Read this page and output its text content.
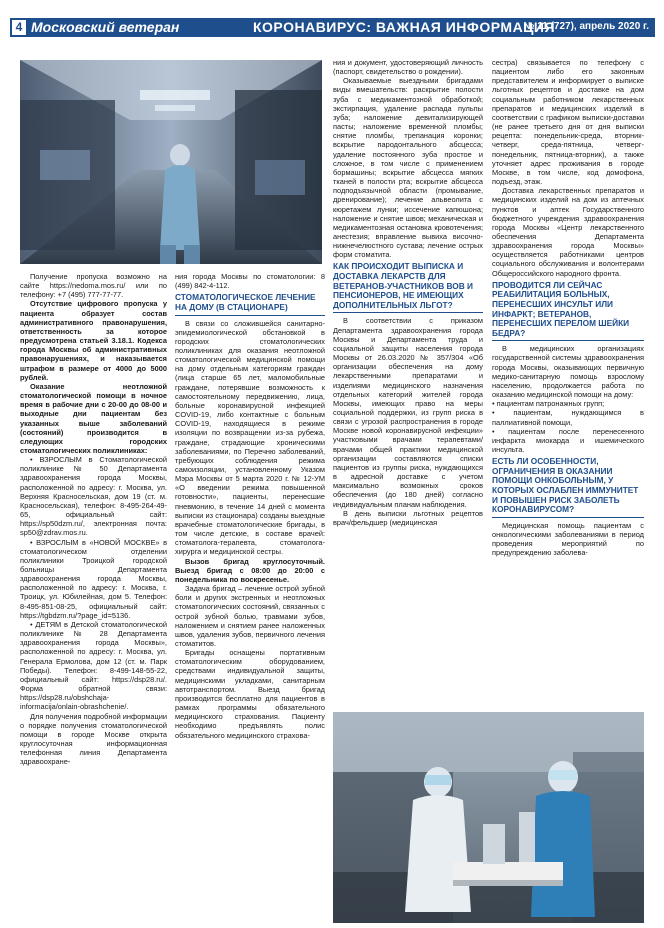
4 Московский ветеран	КОРОНАВИРУС: ВАЖНАЯ ИНФОРМАЦИЯ
№ 11 (727), апрель 2020 г.

Получение пропуска возможно на сайте https://nedoma.mos.ru/ или по телефону: +7 (495) 777-77-77.

Отсутствие цифрового пропуска у пациента образует состав административного правонарушения, ответственность за которое предусмотрена статьей 3.18.1. Кодекса города Москвы об административных правонарушениях, и наказывается штрафом в размере от 4000 до 5000 рублей.

Оказание неотложной стоматологической помощи в ночное время в рабочие дни с 20-00 до 08-00 и выходные дни пациентам без указанных выше заболеваний (состояний) производится в следующих городских стоматологических поликлиниках:

• ВЗРОСЛЫМ в Стоматологической поликлинике № 50 Департамента здравоохранения города Москвы, расположенной по адресу: г. Москва, ул. Верхняя Красносельская, дом 19 (ст. м. Красносельская), телефон: 8-495-264-49-65, официальный сайт: https://sp50dzm.ru/, электронная почта: sp50@zdrav.mos.ru.

• ВЗРОСЛЫМ в «НОВОЙ МОСКВЕ» в стоматологическом отделении поликлиники Троицкой городской больницы Департамента здравоохранения города Москвы, расположенной по адресу: г. Москва, г. Троицк, ул. Юбилейная, дом 5. Телефон: 8-495-851-08-25, официальный сайт: https://tgbdzm.ru/?page_id=5136.

• ДЕТЯМ в Детской стоматологической поликлинике № 28 Департамента здравоохранения города Москвы», расположенной по адресу: г. Москва, ул. Генерала Ермолова, дом 12 (ст. м. Парк Победы). Телефон: 8-499-148-55-22, официальный сайт: https://dsp28.ru/. Форма обратной связи: https://dsp28.ru/obshchaja-informacija/onlain-obrashchenie/.

Для получения подробной информации о порядке получения стоматологической помощи в городе Москве открыта круглосуточная информационная телефонная линия Департамента здравоохране-

ния города Москвы по стоматологии: 8 (499) 842-4-112.

СТОМАТОЛОГИЧЕСКОЕ ЛЕЧЕНИЕ НА ДОМУ (В СТАЦИОНАРЕ)

В связи со сложившейся санитарно-эпидемиологической обстановкой в городских стоматологических поликлиниках для оказания неотложной стоматологической медицинской помощи на дому отдельным категориям граждан (лица старше 65 лет, маломобильные граждане, потерявшие возможность к самостоятельному передвижению, лица, больные коронавирусной инфекцией COVID-19, либо контактные с больным COVID-19, находящиеся в режиме изоляции по возвращении из-за рубежа, граждане, страдающие хроническими заболеваниями, по Перечню заболеваний, требующих соблюдения режима самоизоляции, установленному Указом Мэра Москвы от 5 марта 2020 г. № 12-УМ «О введении режима повышенной готовности», пациенты, перенесшие пневмонию, в течение 14 дней с момента выписки из стационара) созданы выездные врачебные стоматологические бригады, в том числе детские, в составе врачей: стоматолога-терапевта, стоматолога-хирурга и медицинской сестры.

Вызов бригад круглосуточный. Выезд бригад с 08:00 до 20:00 с понедельника по воскресенье.

Задача бригад – лечение острой зубной боли и других экстренных и неотложных стоматологических состояний, связанных с острой зубной болью, травмами зубов, наложением и снятием ранее наложенных швов, удаления зубов, первичного лечения стоматитов.

Бригады оснащены портативным стоматологическим оборудованием, средствами индивидуальной защиты, медицинскими укладками, санитарным автотранспортом. Выезд бригад производится бесплатно для пациентов в рамках программы обязательного медицинского страхования. Пациенту необходимо предъявлять полис обязательного медицинского страхова-

ния и документ, удостоверяющий личность (паспорт, свидетельство о рождении).

Оказываемые выездными бригадами виды вмешательств: раскрытие полости зуба с медикаментозной обработкой; экстирпация, удаление распада пульпы зуба; наложение девитализирующей пасты; наложение временной пломбы; снятие пломбы, трепанация коронки; вскрытие пародонтального абсцесса; удаление постоянного зуба простое и сложное, в том числе с применением бормашины; вскрытие абсцесса мягких тканей в полости рта; вскрытие абсцесса подподъязычной области (промывание, дренирование); лечение альвеолита с кюретажем лунки; иссечение капюшона; наложение и снятие швов; механическая и медикаментозная остановка кровотечения; анестезия; вправление вывиха височно-нижнечелюстного сустава; лечение острых форм стоматита.

КАК ПРОИСХОДИТ ВЫПИСКА И ДОСТАВКА ЛЕКАРСТВ ДЛЯ ВЕТЕРАНОВ-УЧАСТНИКОВ ВОВ И ПЕНСИОНЕРОВ, НЕ ИМЕЮЩИХ ДОПОЛНИТЕЛЬНЫХ ЛЬГОТ?

В соответствии с приказом Департамента здравоохранения города Москвы и Департамента труда и социальной защиты населения города Москвы от 26.03.2020 № 357/304 «Об организации обеспечения на дому лекарственными препаратами и изделиями медицинского назначения отдельных категорий жителей города Москвы, имеющих право на меры социальной поддержки, из групп риска в связи с угрозой распространения в городе Москве новой коронавирусной инфекции» участковыми врачами терапевтами/врачами общей практики медицинской организации составляются списки пациентов из группы риска, нуждающихся в адресной доставке с учетом максимально возможных сроков обеспечения (до 180 дней) согласно индивидуальным планам наблюдения.

В день выписки льготных рецептов врач/фельдшер (медицинская

сестра) связывается по телефону с пациентом либо его законным представителем и информирует о выписке льготных рецептов и доставке на дом социальным работником лекарственных препаратов и медицинских изделий в соответствии с графиком выписки-доставки (не ранее третьего дня от дня выписки рецепта: понедельник-среда, вторник-четверг, среда-пятница, четверг-понедельник, пятница-вторник), а также уточняет адрес проживания в городе Москве, в том числе, код домофона, подъезд, этаж.

Доставка лекарственных препаратов и медицинских изделий на дом из аптечных пунктов и аптек Государственного бюджетного учреждения здравоохранения города Москвы «Центр лекарственного обеспечения Департамента здравоохранения города Москвы» осуществляется работниками центров социального обслуживания и волонтерами Общероссийского народного фронта.

ПРОВОДИТСЯ ЛИ СЕЙЧАС РЕАБИЛИТАЦИЯ БОЛЬНЫХ, ПЕРЕНЕСШИХ ИНСУЛЬТ ИЛИ ИНФАРКТ; ВЕТЕРАНОВ, ПЕРЕНЕСШИХ ПЕРЕЛОМ ШЕЙКИ БЕДРА?

В медицинских организациях государственной системы здравоохранения города Москвы, оказывающих первичную медико-санитарную помощь взрослому населению, продолжается работа по оказанию медицинской помощи на дому:

• пациентам патронажных групп;

• пациентам, нуждающимся в паллиативной помощи,

• пациентам после перенесенного инфаркта миокарда и ишемического инсульта.

ЕСТЬ ЛИ ОСОБЕННОСТИ, ОГРАНИЧЕНИЯ В ОКАЗАНИИ ПОМОЩИ ОНКОБОЛЬНЫМ, У КОТОРЫХ ОСЛАБЛЕН ИММУНИТЕТ И ПОВЫШЕН РИСК ЗАБОЛЕТЬ КОРОНАВИРУСОМ?

Медицинская помощь пациентам с онкологическими заболеваниями в период проведения мероприятий по предупреждению заболева-
